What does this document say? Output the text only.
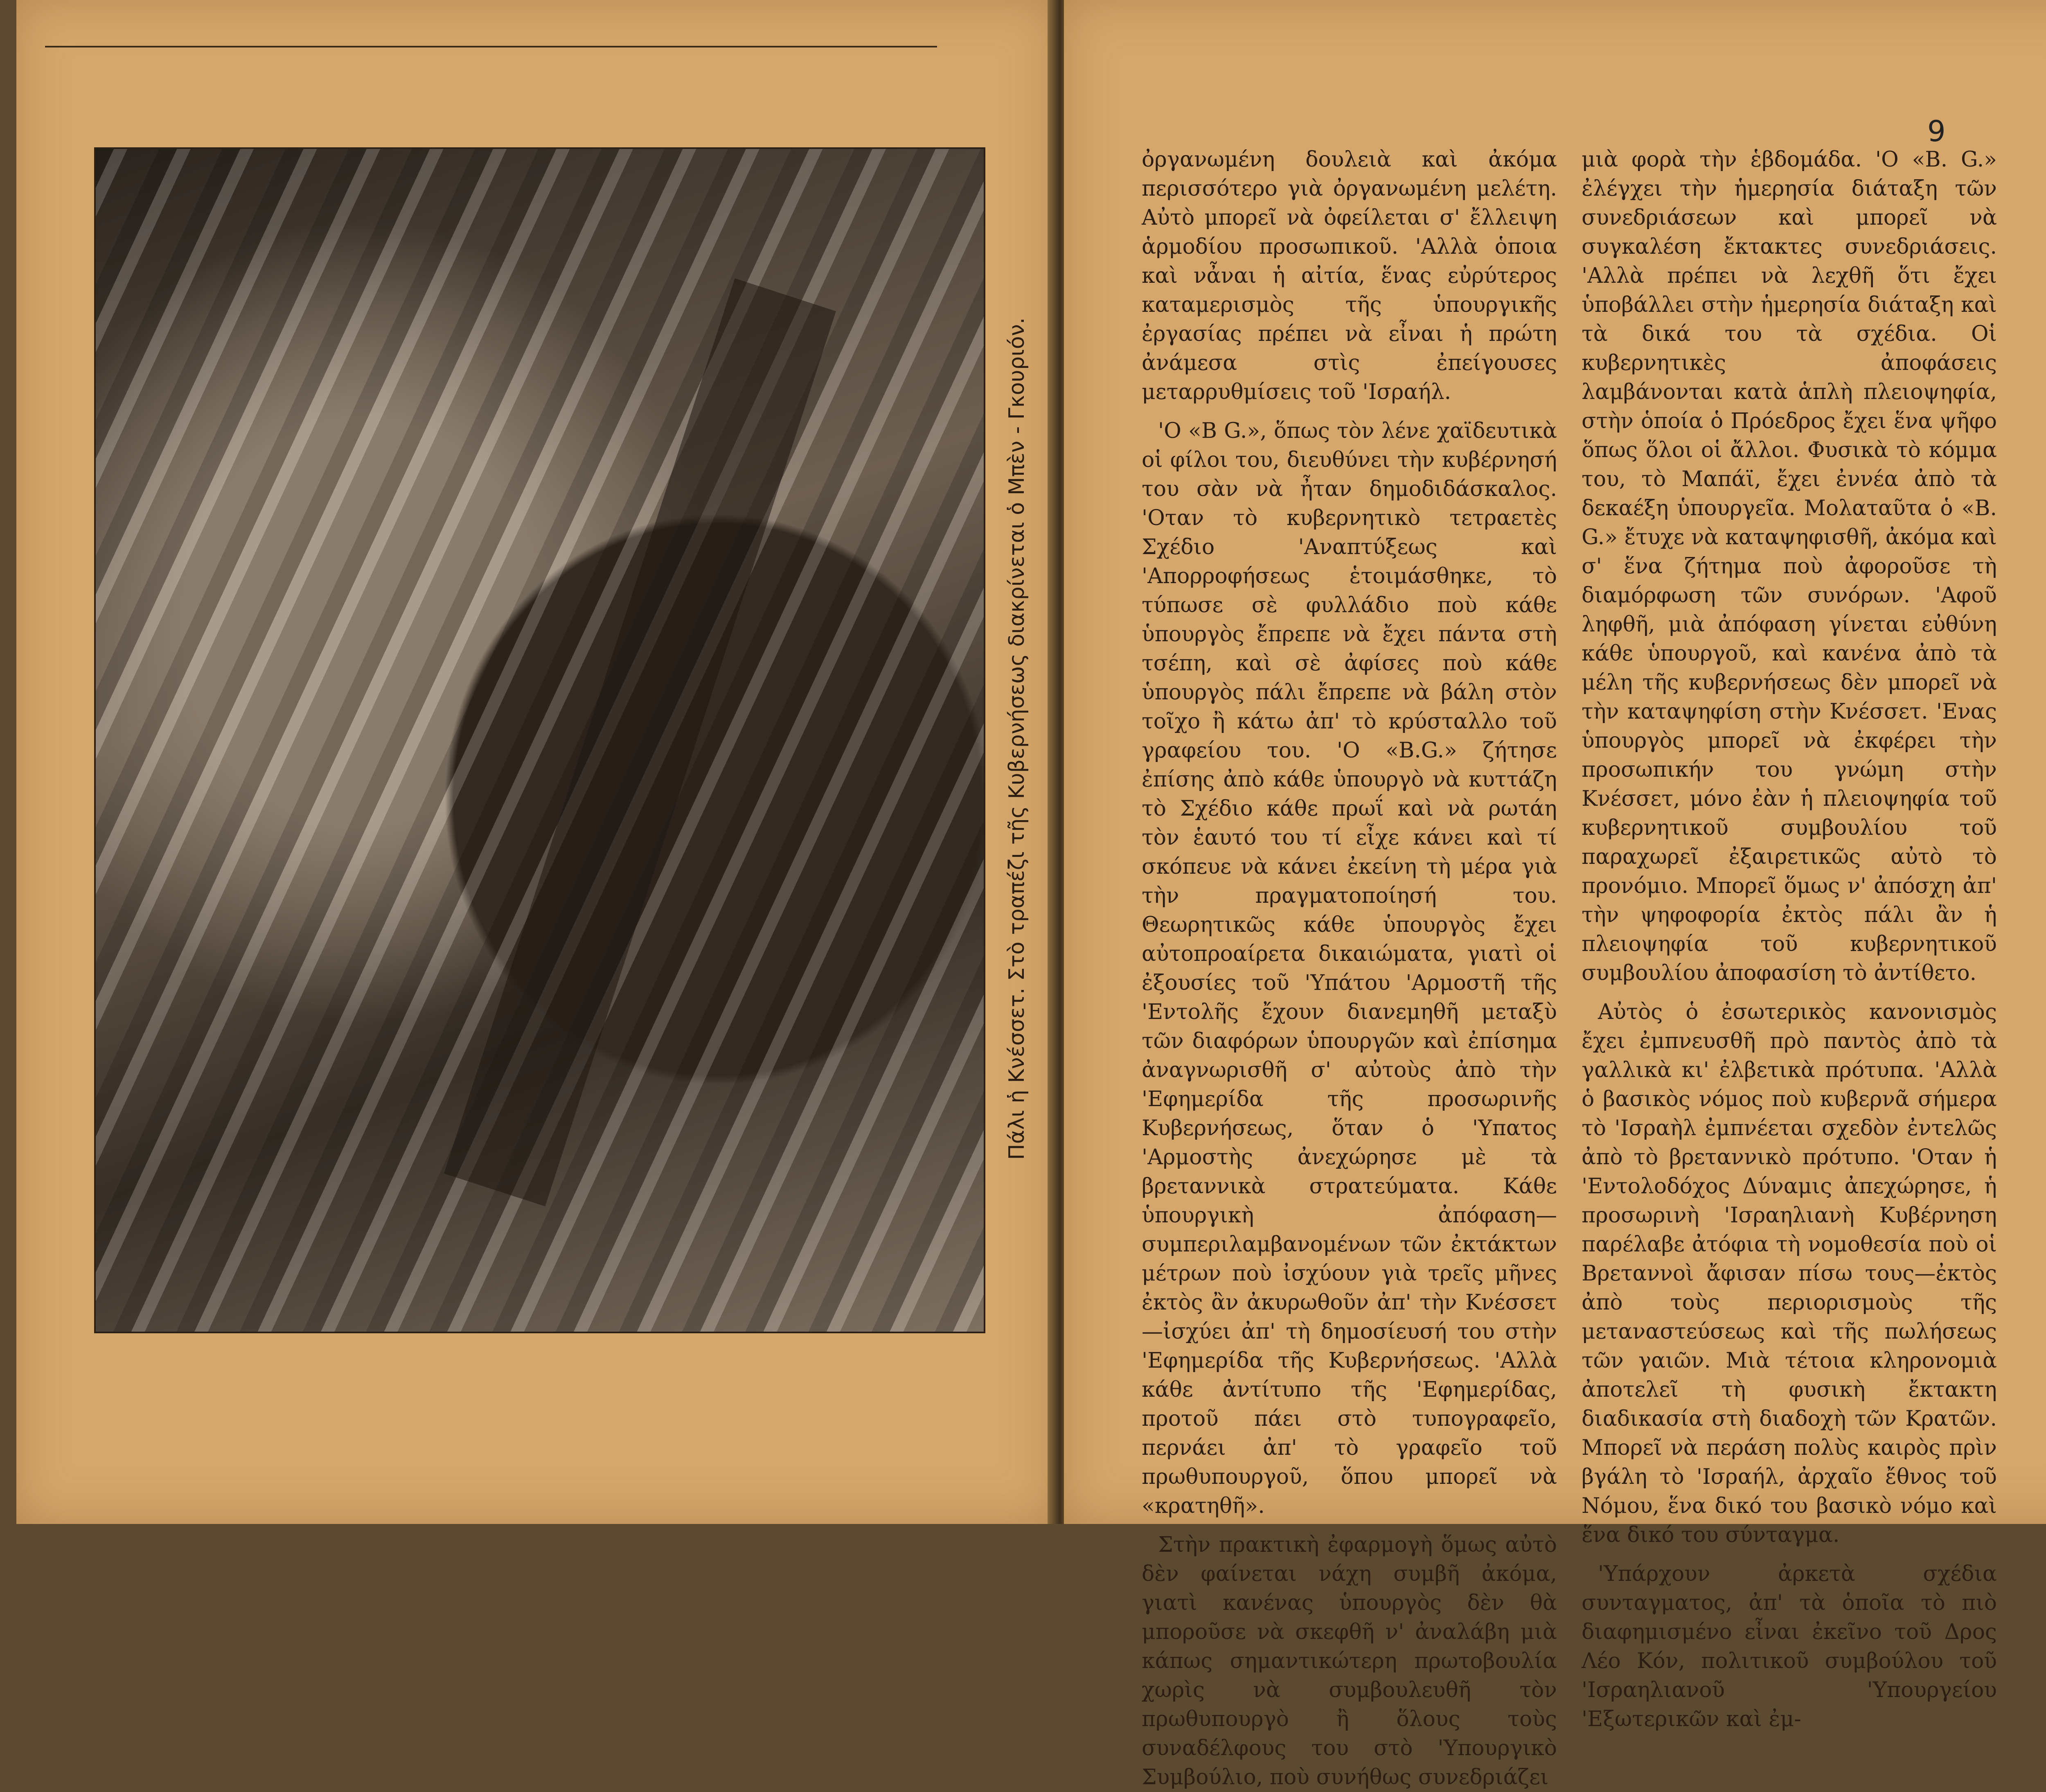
Πάλι ἡ Κνέσσετ. Στὸ τραπέζι τῆς Κυβερνήσεως διακρίνεται ὁ Μπὲν - Γκουριόν.
9

ὀργανωμένη δουλειὰ καὶ ἀκόμα περισσότερο γιὰ ὀργανωμένη μελέτη. Αὐτὸ μπορεῖ νὰ ὀφείλεται σ' ἔλλειψη ἁρμοδίου προσωπικοῦ. 'Αλλὰ ὁποια καὶ νἆναι ἡ αἰτία, ἕνας εὐρύτερος καταμερισμὸς τῆς ὑπουργικῆς ἐργασίας πρέπει νὰ εἶναι ἡ πρώτη ἀνάμεσα στὶς ἐπείγουσες μεταρρυθμίσεις τοῦ 'Ισραήλ.

'Ο «B G.», ὅπως τὸν λένε χαϊδευτικὰ οἱ φίλοι του, διευθύνει τὴν κυβέρνησή του σὰν νὰ ἦταν δημοδιδάσκαλος. 'Οταν τὸ κυβερνητικὸ τετραετὲς Σχέδιο 'Αναπτύξεως καὶ 'Απορροφήσεως ἑτοιμάσθηκε, τὸ τύπωσε σὲ φυλλάδιο ποὺ κάθε ὑπουργὸς ἔπρεπε νὰ ἔχει πάντα στὴ τσέπη, καὶ σὲ ἀφίσες ποὺ κάθε ὑπουργὸς πάλι ἔπρεπε νὰ βάλη στὸν τοῖχο ἢ κάτω ἀπ' τὸ κρύσταλλο τοῦ γραφείου του. 'Ο «B.G.» ζήτησε ἐπίσης ἀπὸ κάθε ὑπουργὸ νὰ κυττάζη τὸ Σχέδιο κάθε πρωΐ καὶ νὰ ρωτάη τὸν ἑαυτό του τί εἶχε κάνει καὶ τί σκόπευε νὰ κάνει ἐκείνη τὴ μέρα γιὰ τὴν πραγματοποίησή του. Θεωρητικῶς κάθε ὑπουργὸς ἔχει αὐτοπροαίρετα δικαιώματα, γιατὶ οἱ ἐξουσίες τοῦ 'Υπάτου 'Αρμοστῆ τῆς 'Εντολῆς ἔχουν διανεμηθῆ μεταξὺ τῶν διαφόρων ὑπουργῶν καὶ ἐπίσημα ἀναγνωρισθῆ σ' αὐτοὺς ἀπὸ τὴν 'Εφημερίδα τῆς προσωρινῆς Κυβερνήσεως, ὅταν ὁ 'Υπατος 'Αρμοστὴς ἀνεχώρησε μὲ τὰ βρεταννικὰ στρατεύματα. Κάθε ὑπουργικὴ ἀπόφαση—συμπεριλαμβανομένων τῶν ἐκτάκτων μέτρων ποὺ ἰσχύουν γιὰ τρεῖς μῆνες ἐκτὸς ἂν ἀκυρωθοῦν ἀπ' τὴν Κνέσσετ—ἰσχύει ἀπ' τὴ δημοσίευσή του στὴν 'Εφημερίδα τῆς Κυβερνήσεως. 'Αλλὰ κάθε ἀντίτυπο τῆς 'Εφημερίδας, προτοῦ πάει στὸ τυπογραφεῖο, περνάει ἀπ' τὸ γραφεῖο τοῦ πρωθυπουργοῦ, ὅπου μπορεῖ νὰ «κρατηθῆ».

Στὴν πρακτικὴ ἐφαρμογὴ ὅμως αὐτὸ δὲν φαίνεται νάχη συμβῆ ἀκόμα, γιατὶ κανένας ὑπουργὸς δὲν θὰ μποροῦσε νὰ σκεφθῆ ν' ἀναλάβη μιὰ κάπως σημαντικώτερη πρωτοβουλία χωρὶς νὰ συμβουλευθῆ τὸν πρωθυπουργὸ ἢ ὅλους τοὺς συναδέλφους του στὸ 'Υπουργικὸ Συμβούλιο, ποὺ συνήθως συνεδριάζει

μιὰ φορὰ τὴν ἑβδομάδα. 'Ο «B. G.» ἐλέγχει τὴν ἡμερησία διάταξη τῶν συνεδριάσεων καὶ μπορεῖ νὰ συγκαλέση ἔκτακτες συνεδριάσεις. 'Αλλὰ πρέπει νὰ λεχθῆ ὅτι ἔχει ὑποβάλλει στὴν ἡμερησία διάταξη καὶ τὰ δικά του τὰ σχέδια. Οἱ κυβερνητικὲς ἀποφάσεις λαμβάνονται κατὰ ἁπλὴ πλειοψηφία, στὴν ὁποία ὁ Πρόεδρος ἔχει ἕνα ψῆφο ὅπως ὅλοι οἱ ἄλλοι. Φυσικὰ τὸ κόμμα του, τὸ Μαπάϊ, ἔχει ἐννέα ἀπὸ τὰ δεκαέξη ὑπουργεῖα. Μολαταῦτα ὁ «B. G.» ἔτυχε νὰ καταψηφισθῆ, ἀκόμα καὶ σ' ἕνα ζήτημα ποὺ ἀφοροῦσε τὴ διαμόρφωση τῶν συνόρων. 'Αφοῦ ληφθῆ, μιὰ ἀπόφαση γίνεται εὐθύνη κάθε ὑπουργοῦ, καὶ κανένα ἀπὸ τὰ μέλη τῆς κυβερνήσεως δὲν μπορεῖ νὰ τὴν καταψηφίση στὴν Κνέσσετ. 'Ενας ὑπουργὸς μπορεῖ νὰ ἐκφέρει τὴν προσωπικήν του γνώμη στὴν Κνέσσετ, μόνο ἐὰν ἡ πλειοψηφία τοῦ κυβερνητικοῦ συμβουλίου τοῦ παραχωρεῖ ἐξαιρετικῶς αὐτὸ τὸ προνόμιο. Μπορεῖ ὅμως ν' ἀπόσχη ἀπ' τὴν ψηφοφορία ἐκτὸς πάλι ἂν ἡ πλειοψηφία τοῦ κυβερνητικοῦ συμβουλίου ἀποφασίση τὸ ἀντίθετο.

Αὐτὸς ὁ ἐσωτερικὸς κανονισμὸς ἔχει ἐμπνευσθῆ πρὸ παντὸς ἀπὸ τὰ γαλλικὰ κι' ἐλβετικὰ πρότυπα. 'Αλλὰ ὁ βασικὸς νόμος ποὺ κυβερνᾶ σήμερα τὸ 'Ισραὴλ ἐμπνέεται σχεδὸν ἐντελῶς ἀπὸ τὸ βρεταννικὸ πρότυπο. 'Οταν ἡ 'Εντολοδόχος Δύναμις ἀπεχώρησε, ἡ προσωρινὴ 'Ισραηλιανὴ Κυβέρνηση παρέλαβε ἀτόφια τὴ νομοθεσία ποὺ οἱ Βρεταννοὶ ἄφισαν πίσω τους—ἐκτὸς ἀπὸ τοὺς περιορισμοὺς τῆς μεταναστεύσεως καὶ τῆς πωλήσεως τῶν γαιῶν. Μιὰ τέτοια κληρονομιὰ ἀποτελεῖ τὴ φυσικὴ ἔκτακτη διαδικασία στὴ διαδοχὴ τῶν Κρατῶν. Μπορεῖ νὰ περάση πολὺς καιρὸς πρὶν βγάλη τὸ 'Ισραήλ, ἀρχαῖο ἔθνος τοῦ Νόμου, ἕνα δικό του βασικὸ νόμο καὶ ἕνα δικό του σύνταγμα.

'Υπάρχουν ἀρκετὰ σχέδια συνταγματος, ἀπ' τὰ ὁποῖα τὸ πιὸ διαφημισμένο εἶναι ἐκεῖνο τοῦ Δρος Λέο Κόν, πολιτικοῦ συμβούλου τοῦ 'Ισραηλιανοῦ 'Υπουργείου 'Εξωτερικῶν καὶ ἐμ-
